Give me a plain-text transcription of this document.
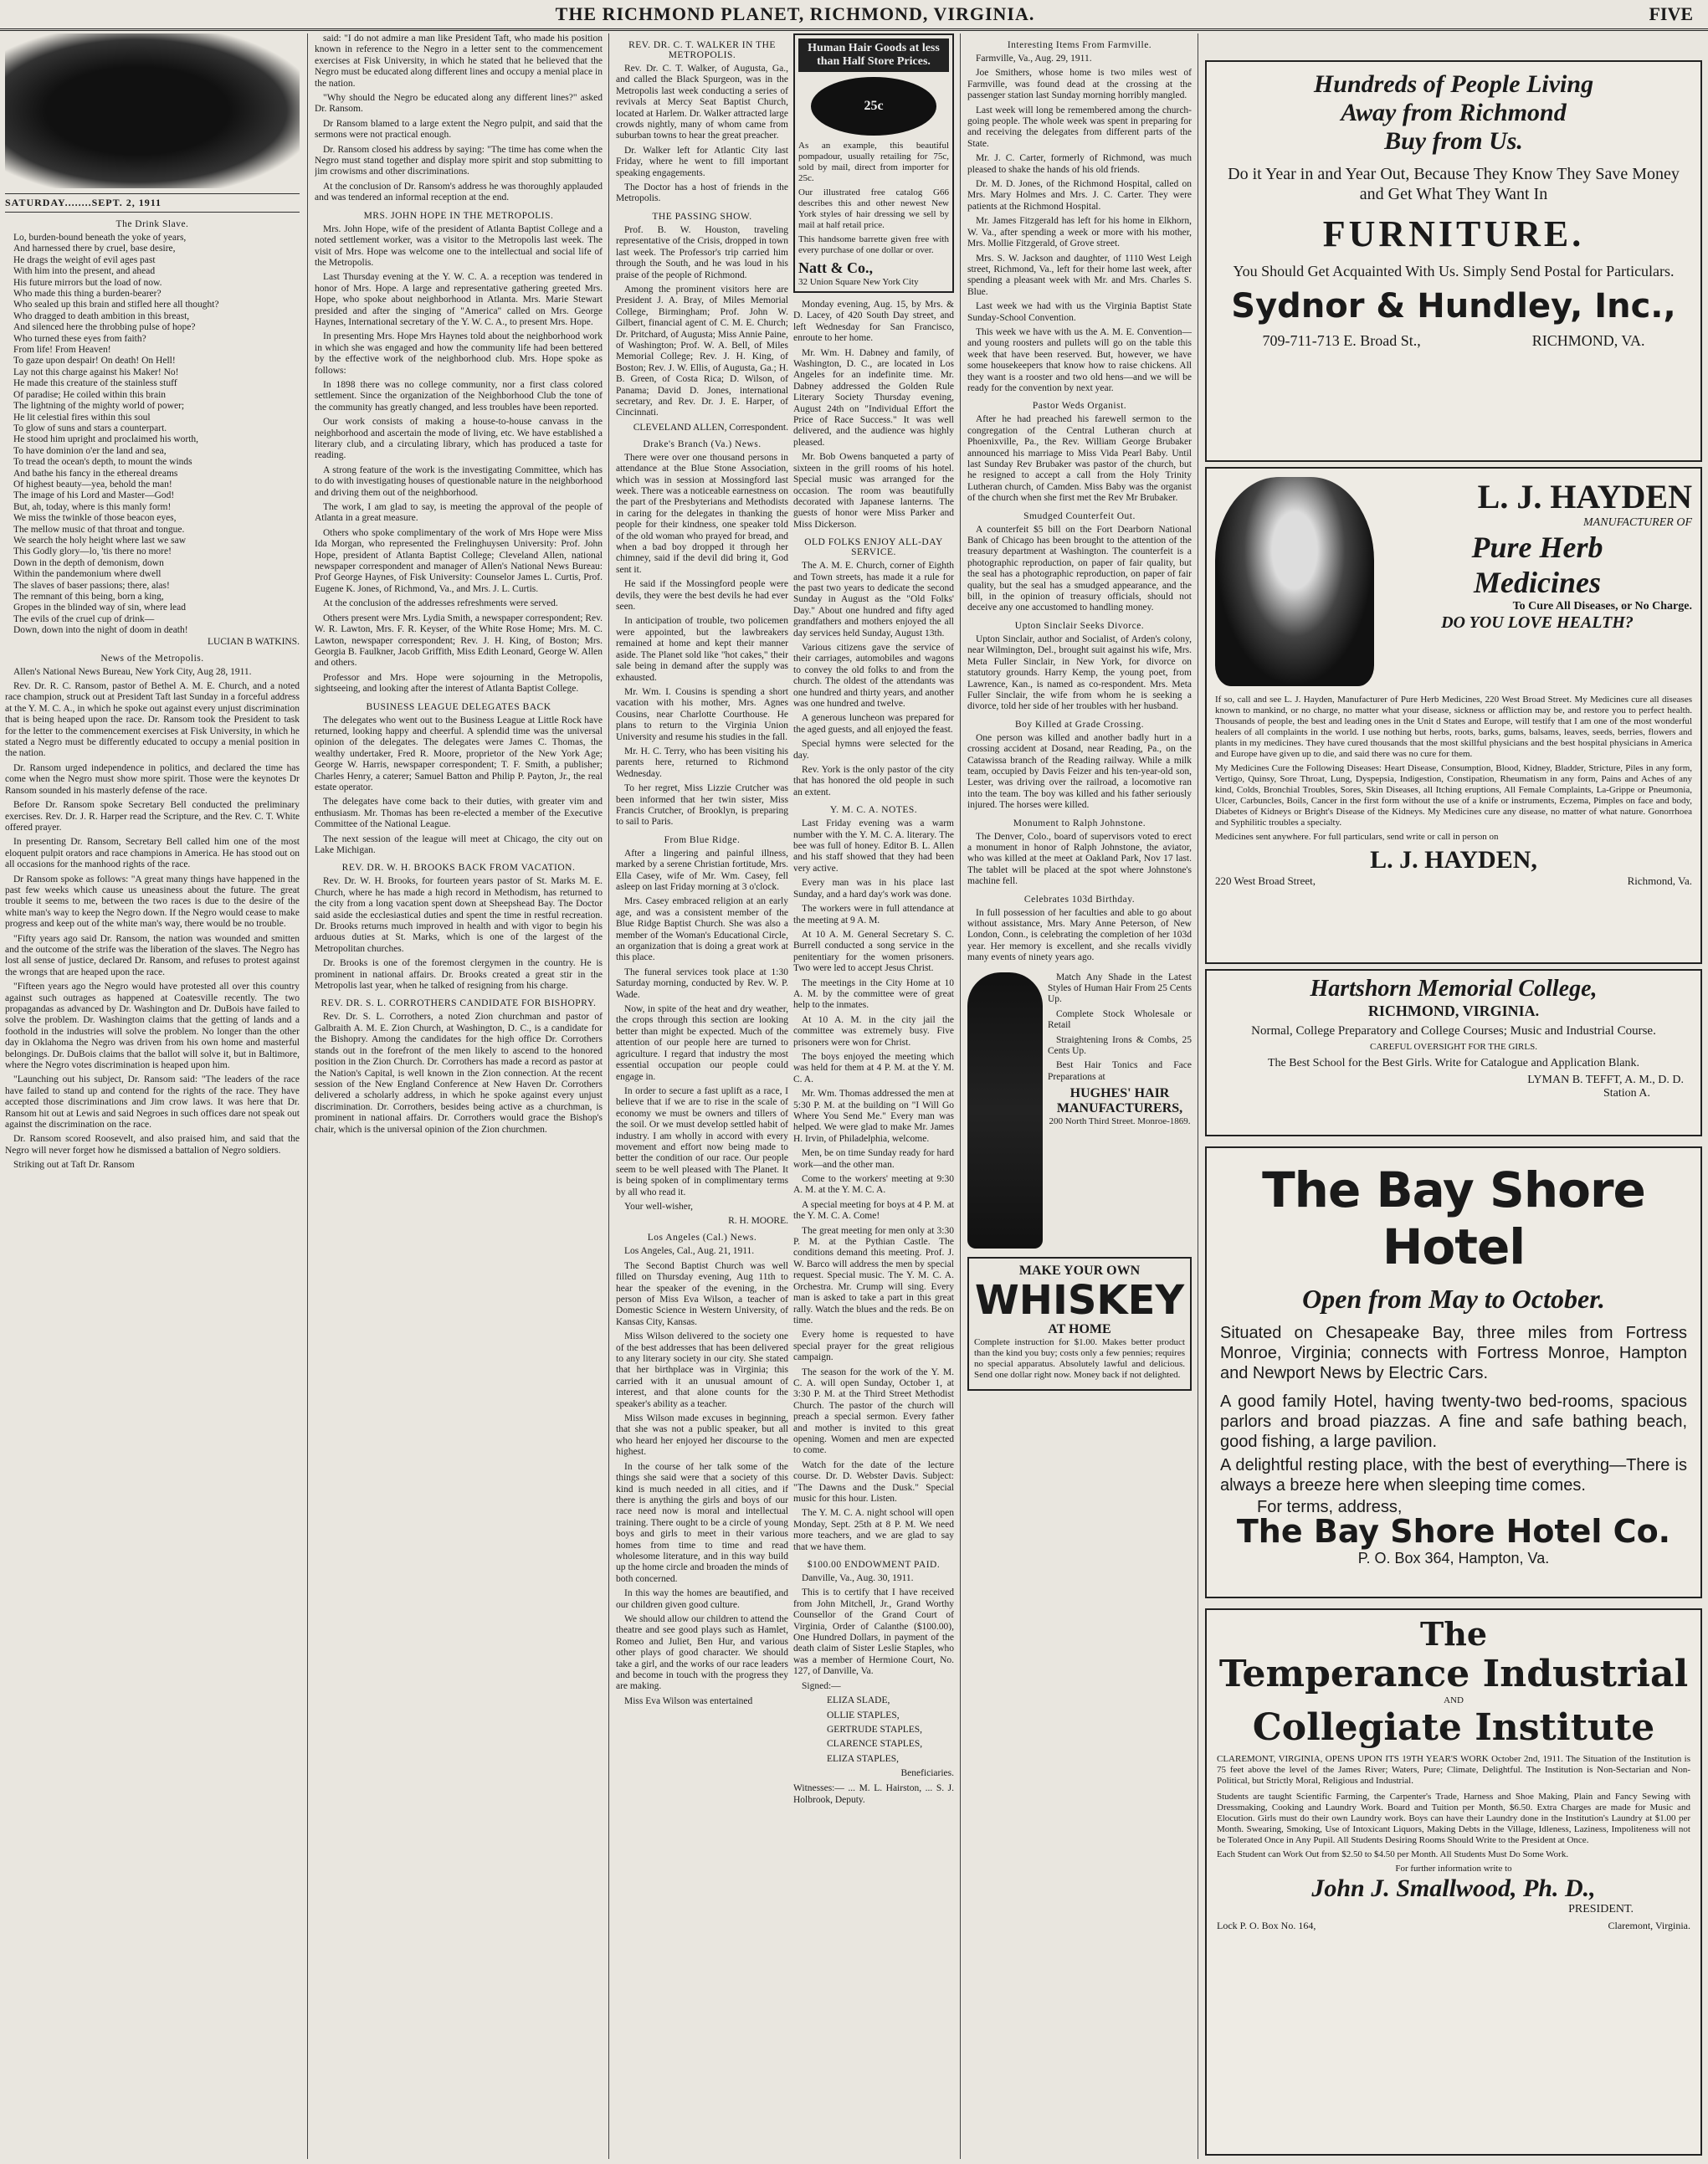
THE RICHMOND PLANET, RICHMOND, VIRGINIA.	FIVE
SATURDAY........SEPT. 2, 1911
The Drink Slave.

Lo, burden-bound beneath the yoke of years,

And harnessed there by cruel, base desire,

He drags the weight of evil ages past

With him into the present, and ahead

His future mirrors but the load of now.

Who made this thing a burden-bearer?

Who sealed up this brain and stifled here all thought?

Who dragged to death ambition in this breast,

And silenced here the throbbing pulse of hope?

Who turned these eyes from faith?

From life! From Heaven!

To gaze upon despair! On death! On Hell!

Lay not this charge against his Maker! No!

He made this creature of the stainless stuff

Of paradise; He coiled within this brain

The lightning of the mighty world of power;

He lit celestial fires within this soul

To glow of suns and stars a counterpart.

He stood him upright and proclaimed his worth,

To have dominion o'er the land and sea,

To tread the ocean's depth, to mount the winds

And bathe his fancy in the ethereal dreams

Of highest beauty—yea, behold the man!

The image of his Lord and Master—God!

But, ah, today, where is this manly form!

We miss the twinkle of those beacon eyes,

The mellow music of that throat and tongue.

We search the holy height where last we saw

This Godly glory—lo, 'tis there no more!

Down in the depth of demonism, down

Within the pandemonium where dwell

The slaves of baser passions; there, alas!

The remnant of this being, born a king,

Gropes in the blinded way of sin, where lead

The evils of the cruel cup of drink—

Down, down into the night of doom in death!

LUCIAN B WATKINS.
News of the Metropolis.

Allen's National News Bureau, New York City, Aug 28, 1911.

Rev. Dr. R. C. Ransom, pastor of Bethel A. M. E. Church, and a noted race champion, struck out at President Taft last Sunday in a forceful address at the Y. M. C. A., in which he spoke out against every unjust discrimination that is being heaped upon the race. Dr. Ransom took the President to task for the letter to the commencement exercises at Fisk University, in which he stated a Negro must be differently educated to occupy a menial position in the nation.

Dr. Ransom urged independence in politics, and declared the time has come when the Negro must show more spirit. Those were the keynotes Dr Ransom sounded in his masterly defense of the race.

Before Dr. Ransom spoke Secretary Bell conducted the preliminary exercises. Rev. Dr. J. R. Harper read the Scripture, and the Rev. C. T. White offered prayer.

In presenting Dr. Ransom, Secretary Bell called him one of the most eloquent pulpit orators and race champions in America. He has stood out on all occasions for the manhood rights of the race.

Dr Ransom spoke as follows: "A great many things have happened in the past few weeks which cause us uneasiness about the future. The great trouble it seems to me, between the two races is due to the desire of the white man's way to keep the Negro down. If the Negro would cease to make progress and keep out of the white man's way, there would be no trouble.

"Fifty years ago said Dr. Ransom, the nation was wounded and smitten and the outcome of the strife was the liberation of the slaves. The Negro has lost all sense of justice, declared Dr. Ransom, and refuses to protest against the wrongs that are heaped upon the race.

"Fifteen years ago the Negro would have protested all over this country against such outrages as happened at Coatesville recently. The two propagandas as advanced by Dr. Washington and Dr. DuBois have failed to solve the problem. Dr. Washington claims that the getting of lands and a foothold in the industries will solve the problem. No longer than the other day in Oklahoma the Negro was driven from his own home and masterful belongings. Dr. DuBois claims that the ballot will solve it, but in Baltimore, where the Negro votes discrimination is heaped upon him.

"Launching out his subject, Dr. Ransom said: "The leaders of the race have failed to stand up and contend for the rights of the race. They have accepted those discriminations and Jim crow laws. It was here that Dr. Ransom hit out at Lewis and said Negroes in such offices dare not speak out against the discrimination on the race.

Dr. Ransom scored Roosevelt, and also praised him, and said that the Negro will never forget how he dismissed a battalion of Negro soldiers.

Striking out at Taft Dr. Ransom

said: "I do not admire a man like President Taft, who made his position known in reference to the Negro in a letter sent to the commencement exercises at Fisk University, in which he stated that he believed that the Negro must be educated along different lines and occupy a menial place in the nation.

"Why should the Negro be educated along any different lines?" asked Dr. Ransom.

Dr Ransom blamed to a large extent the Negro pulpit, and said that the sermons were not practical enough.

Dr. Ransom closed his address by saying: "The time has come when the Negro must stand together and display more spirit and stop submitting to jim crowisms and other discriminations.

At the conclusion of Dr. Ransom's address he was thoroughly applauded and was tendered an informal reception at the end.

MRS. JOHN HOPE IN THE METROPOLIS.

Mrs. John Hope, wife of the president of Atlanta Baptist College and a noted settlement worker, was a visitor to the Metropolis last week. The visit of Mrs. Hope was welcome one to the intellectual and social life of the Metropolis.

Last Thursday evening at the Y. W. C. A. a reception was tendered in honor of Mrs. Hope. A large and representative gathering greeted Mrs. Hope, who spoke about neighborhood in Atlanta. Mrs. Marie Stewart presided and after the singing of "America" called on Mrs. George Haynes, International secretary of the Y. W. C. A., to present Mrs. Hope.

In presenting Mrs. Hope Mrs Haynes told about the neighborhood work in which she was engaged and how the community life had been bettered by the effective work of the neighborhood club. Mrs. Hope spoke as follows:

In 1898 there was no college community, nor a first class colored settlement. Since the organization of the Neighborhood Club the tone of the community has greatly changed, and less troubles have been reported.

Our work consists of making a house-to-house canvass in the neighborhood and ascertain the mode of living, etc. We have established a literary club, and a circulating library, which has produced a taste for reading.

A strong feature of the work is the investigating Committee, which has to do with investigating houses of questionable nature in the neighborhood and driving them out of the neighborhood.

The work, I am glad to say, is meeting the approval of the people of Atlanta in a great measure.

Others who spoke complimentary of the work of Mrs Hope were Miss Ida Morgan, who represented the Frelinghuysen University: Prof. John Hope, president of Atlanta Baptist College; Cleveland Allen, national newspaper correspondent and manager of Allen's National News Bureau: Prof George Haynes, of Fisk University: Counselor James L. Curtis, Prof. Eugene K. Jones, of Richmond, Va., and Mrs. J. L. Curtis.

At the conclusion of the addresses refreshments were served.

Others present were Mrs. Lydia Smith, a newspaper correspondent; Rev. W. R. Lawton, Mrs. F. R. Keyser, of the White Rose Home; Mrs. M. C. Lawton, newspaper correspondent; Rev. J. H. King, of Boston; Mrs. Georgia B. Faulkner, Jacob Griffith, Miss Edith Leonard, George W. Allen and others.

Professor and Mrs. Hope were sojourning in the Metropolis, sightseeing, and looking after the interest of Atlanta Baptist College.

BUSINESS LEAGUE DELEGATES BACK

The delegates who went out to the Business League at Little Rock have returned, looking happy and cheerful. A splendid time was the universal opinion of the delegates. The delegates were James C. Thomas, the wealthy undertaker, Fred R. Moore, proprietor of the New York Age; George W. Harris, newspaper correspondent; T. F. Smith, a publisher; Charles Henry, a caterer; Samuel Batton and Philip P. Payton, Jr., the real estate operator.

The delegates have come back to their duties, with greater vim and enthusiasm. Mr. Thomas has been re-elected a member of the Executive Committee of the National League.

The next session of the league will meet at Chicago, the city out on Lake Michigan.

REV. DR. W. H. BROOKS BACK FROM VACATION.

Rev. Dr. W. H. Brooks, for fourteen years pastor of St. Marks M. E. Church, where he has made a high record in Methodism, has returned to the city from a long vacation spent down at Sheepshead Bay. The Doctor said aside the ecclesiastical duties and spent the time in restful recreation. Dr. Brooks returns much improved in health and with vigor to begin his arduous duties at St. Marks, which is one of the largest of the Metropolitan churches.

Dr. Brooks is one of the foremost clergymen in the country. He is prominent in national affairs. Dr. Brooks created a great stir in the Metropolis last year, when he talked of resigning from his charge.

REV. DR. S. L. CORROTHERS CANDIDATE FOR BISHOPRY.

Rev. Dr. S. L. Corrothers, a noted Zion churchman and pastor of Galbraith A. M. E. Zion Church, at Washington, D. C., is a candidate for the Bishopry. Among the candidates for the high office Dr. Corrothers stands out in the forefront of the men likely to ascend to the honored position in the Zion Church. Dr. Corrothers has made a record as pastor at the Nation's Capital, is well known in the Zion connection. At the recent session of the New England Conference at New Haven Dr. Corrothers delivered a scholarly address, in which he spoke against every unjust discrimination. Dr. Corrothers, besides being active as a churchman, is prominent in national affairs. Dr. Corrothers would grace the Bishop's chair, which is the universal opinion of the Zion churchmen.

REV. DR. C. T. WALKER IN THE METROPOLIS.

Rev. Dr. C. T. Walker, of Augusta, Ga., and called the Black Spurgeon, was in the Metropolis last week conducting a series of revivals at Mercy Seat Baptist Church, located at Harlem. Dr. Walker attracted large crowds nightly, many of whom came from suburban towns to hear the great preacher.

Dr. Walker left for Atlantic City last Friday, where he went to fill important speaking engagements.

The Doctor has a host of friends in the Metropolis.

THE PASSING SHOW.

Prof. B. W. Houston, traveling representative of the Crisis, dropped in town last week. The Professor's trip carried him through the South, and he was loud in his praise of the people of Richmond.

Among the prominent visitors here are President J. A. Bray, of Miles Memorial College, Birmingham; Prof. John W. Gilbert, financial agent of C. M. E. Church; Dr. Pritchard, of Augusta; Miss Annie Paine, of Washington; Prof. W. A. Bell, of Miles Memorial College; Rev. J. H. King, of Boston; Rev. J. W. Ellis, of Augusta, Ga.; H. B. Green, of Costa Rica; D. Wilson, of Panama; David D. Jones, international secretary, and Rev. Dr. J. E. Harper, of Cincinnati.

CLEVELAND ALLEN, Correspondent.
Drake's Branch (Va.) News.

There were over one thousand persons in attendance at the Blue Stone Association, which was in session at Mossingford last week. There was a noticeable earnestness on the part of the Presbyterians and Methodists in caring for the delegates in thanking the people for their kindness, one speaker told of the old woman who prayed for bread, and when a bad boy dropped it through her chimney, said if the devil did bring it, God sent it.

He said if the Mossingford people were devils, they were the best devils he had ever seen.

In anticipation of trouble, two policemen were appointed, but the lawbreakers remained at home and kept their manner aside. The Planet sold like "hot cakes," their sale being in demand after the supply was exhausted.

Mr. Wm. I. Cousins is spending a short vacation with his mother, Mrs. Agnes Cousins, near Charlotte Courthouse. He plans to return to the Virginia Union University and resume his studies in the fall.

Mr. H. C. Terry, who has been visiting his parents here, returned to Richmond Wednesday.

To her regret, Miss Lizzie Crutcher was been informed that her twin sister, Miss Francis Crutcher, of Brooklyn, is preparing to sail to Paris.

From Blue Ridge.

After a lingering and painful illness, marked by a serene Christian fortitude, Mrs. Ella Casey, wife of Mr. Wm. Casey, fell asleep on last Friday morning at 3 o'clock.

Mrs. Casey embraced religion at an early age, and was a consistent member of the Blue Ridge Baptist Church. She was also a member of the Woman's Educational Circle, an organization that is doing a great work at this place.

The funeral services took place at 1:30 Saturday morning, conducted by Rev. W. P. Wade.

Now, in spite of the heat and dry weather, the crops through this section are looking better than might be expected. Much of the attention of our people here are turned to agriculture. I regard that industry the most essential occupation our people could engage in.

In order to secure a fast uplift as a race, I believe that if we are to rise in the scale of economy we must be owners and tillers of the soil. Or we must develop settled habit of industry. I am wholly in accord with every movement and effort now being made to better the condition of our race. Our people seem to be well pleased with The Planet. It is being spoken of in complimentary terms by all who read it.

Your well-wisher,

R. H. MOORE.
Los Angeles (Cal.) News.

Los Angeles, Cal., Aug. 21, 1911.

The Second Baptist Church was well filled on Thursday evening, Aug 11th to hear the speaker of the evening, in the person of Miss Eva Wilson, a teacher of Domestic Science in Western University, of Kansas City, Kansas.

Miss Wilson delivered to the society one of the best addresses that has been delivered to any literary society in our city. She stated that her birthplace was in Virginia; this carried with it an unusual amount of interest, and that alone counts for the speaker's ability as a teacher.

Miss Wilson made excuses in beginning, that she was not a public speaker, but all who heard her enjoyed her discourse to the highest.

In the course of her talk some of the things she said were that a society of this kind is much needed in all cities, and if there is anything the girls and boys of our race need now is moral and intellectual training. There ought to be a circle of young boys and girls to meet in their various homes from time to time and read wholesome literature, and in this way build up the home circle and broaden the minds of both concerned.

In this way the homes are beautified, and our children given good culture.

We should allow our children to attend the theatre and see good plays such as Hamlet, Romeo and Juliet, Ben Hur, and various other plays of good character. We should take a girl, and the works of our race leaders and become in touch with the progress they are making.

Miss Eva Wilson was entertained

Human Hair Goods at less than Half Store Prices.
25c

As an example, this beautiful pompadour, usually retailing for 75c, sold by mail, direct from importer for 25c.

Our illustrated free catalog G66 describes this and other newest New York styles of hair dressing we sell by mail at half retail price.

This handsome barrette given free with every purchase of one dollar or over.

Natt & Co.,
32 Union Square New York City

Monday evening, Aug. 15, by Mrs. & D. Lacey, of 420 South Day street, and left Wednesday for San Francisco, enroute to her home.

Mr. Wm. H. Dabney and family, of Washington, D. C., are located in Los Angeles for an indefinite time. Mr. Dabney addressed the Golden Rule Literary Society Thursday evening, August 24th on "Individual Effort the Price of Race Success." It was well delivered, and the audience was highly pleased.

Mr. Bob Owens banqueted a party of sixteen in the grill rooms of his hotel. Special music was arranged for the occasion. The room was beautifully decorated with Japanese lanterns. The guests of honor were Miss Parker and Miss Dickerson.

OLD FOLKS ENJOY ALL-DAY SERVICE.

The A. M. E. Church, corner of Eighth and Town streets, has made it a rule for the past two years to dedicate the second Sunday in August as the "Old Folks' Day." About one hundred and fifty aged grandfathers and mothers enjoyed the all day services held Sunday, August 13th.

Various citizens gave the service of their carriages, automobiles and wagons to convey the old folks to and from the church. The oldest of the attendants was one hundred and thirty years, and another was one hundred and twelve.

A generous luncheon was prepared for the aged guests, and all enjoyed the feast.

Special hymns were selected for the day.

Rev. York is the only pastor of the city that has honored the old people in such an extent.

Y. M. C. A. NOTES.

Last Friday evening was a warm number with the Y. M. C. A. literary. The bee was full of honey. Editor B. L. Allen and his staff showed that they had been very active.

Every man was in his place last Sunday, and a hard day's work was done.

The workers were in full attendance at the meeting at 9 A. M.

At 10 A. M. General Secretary S. C. Burrell conducted a song service in the penitentiary for the women prisoners. Two were led to accept Jesus Christ.

The meetings in the City Home at 10 A. M. by the committee were of great help to the inmates.

At 10 A. M. in the city jail the committee was extremely busy. Five prisoners were won for Christ.

The boys enjoyed the meeting which was held for them at 4 P. M. at the Y. M. C. A.

Mr. Wm. Thomas addressed the men at 5:30 P. M. at the building on "I Will Go Where You Send Me." Every man was helped. We were glad to make Mr. James H. Irvin, of Philadelphia, welcome.

Men, be on time Sunday ready for hard work—and the other man.

Come to the workers' meeting at 9:30 A. M. at the Y. M. C. A.

A special meeting for boys at 4 P. M. at the Y. M. C. A. Come!

The great meeting for men only at 3:30 P. M. at the Pythian Castle. The conditions demand this meeting. Prof. J. W. Barco will address the men by special request. Special music. The Y. M. C. A. Orchestra. Mr. Crump will sing. Every man is asked to take a part in this great rally. Watch the blues and the reds. Be on time.

Every home is requested to have special prayer for the great religious campaign.

The season for the work of the Y. M. C. A. will open Sunday, October 1, at 3:30 P. M. at the Third Street Methodist Church. The pastor of the church will preach a special sermon. Every father and mother is invited to this great opening. Women and men are expected to come.

Watch for the date of the lecture course. Dr. D. Webster Davis. Subject: "The Dawns and the Dusk." Special music for this hour. Listen.

The Y. M. C. A. night school will open Monday, Sept. 25th at 8 P. M. We need more teachers, and we are glad to say that we have them.

$100.00 ENDOWMENT PAID.

Danville, Va., Aug. 30, 1911.

This is to certify that I have received from John Mitchell, Jr., Grand Worthy Counsellor of the Grand Court of Virginia, Order of Calanthe ($100.00), One Hundred Dollars, in payment of the death claim of Sister Leslie Staples, who was a member of Hermione Court, No. 127, of Danville, Va.

Signed:—

ELIZA SLADE,

OLLIE STAPLES,

GERTRUDE STAPLES,

CLARENCE STAPLES,

ELIZA STAPLES,

Beneficiaries.

Witnesses:— ... M. L. Hairston, ... S. J. Holbrook, Deputy.

Interesting Items From Farmville.

Farmville, Va., Aug. 29, 1911.

Joe Smithers, whose home is two miles west of Farmville, was found dead at the crossing at the passenger station last Sunday morning horribly mangled.

Last week will long be remembered among the church-going people. The whole week was spent in preparing for and receiving the delegates from different parts of the State.

Mr. J. C. Carter, formerly of Richmond, was much pleased to shake the hands of his old friends.

Dr. M. D. Jones, of the Richmond Hospital, called on Mrs. Mary Holmes and Mrs. J. C. Carter. They were patients at the Richmond Hospital.

Mr. James Fitzgerald has left for his home in Elkhorn, W. Va., after spending a week or more with his mother, Mrs. Mollie Fitzgerald, of Grove street.

Mrs. S. W. Jackson and daughter, of 1110 West Leigh street, Richmond, Va., left for their home last week, after spending a pleasant week with Mr. and Mrs. Charles S. Blue.

Last week we had with us the Virginia Baptist State Sunday-School Convention.

This week we have with us the A. M. E. Convention—and young roosters and pullets will go on the table this week that have been reserved. But, however, we have some housekeepers that know how to raise chickens. All they want is a rooster and two old hens—and we will be ready for the convention by next year.

Pastor Weds Organist.

After he had preached his farewell sermon to the congregation of the Central Lutheran church at Phoenixville, Pa., the Rev. William George Brubaker announced his marriage to Miss Vida Pearl Baby. Until last Sunday Rev Brubaker was pastor of the church, but he resigned to accept a call from the Holy Trinity Lutheran church, of Camden. Miss Baby was the organist of the church when she first met the Rev Mr Brubaker.

Smudged Counterfeit Out.

A counterfeit $5 bill on the Fort Dearborn National Bank of Chicago has been brought to the attention of the treasury department at Washington. The counterfeit is a photographic reproduction, on paper of fair quality, but the seal has a photographic reproduction, on paper of fair quality, but the seal has a smudged appearance, and the bill, in the opinion of treasury officials, should not deceive any one accustomed to handling money.

Upton Sinclair Seeks Divorce.

Upton Sinclair, author and Socialist, of Arden's colony, near Wilmington, Del., brought suit against his wife, Mrs. Meta Fuller Sinclair, in New York, for divorce on statutory grounds. Harry Kemp, the young poet, from Lawrence, Kan., is named as co-respondent. Mrs. Meta Fuller Sinclair, the wife from whom he is seeking a divorce, told her side of her troubles with her husband.

Boy Killed at Grade Crossing.

One person was killed and another badly hurt in a crossing accident at Dosand, near Reading, Pa., on the Catawissa branch of the Reading railway. While a milk team, occupied by Davis Feizer and his ten-year-old son, Lester, was driving over the railroad, a locomotive ran into the team. The boy was killed and his father seriously injured. The horses were killed.

Monument to Ralph Johnstone.

The Denver, Colo., board of supervisors voted to erect a monument in honor of Ralph Johnstone, the aviator, who was killed at the meet at Oakland Park, Nov 17 last. The tablet will be placed at the spot where Johnstone's machine fell.

Celebrates 103d Birthday.

In full possession of her faculties and able to go about without assistance, Mrs. Mary Anne Peterson, of New London, Conn., is celebrating the completion of her 103d year. Her memory is excellent, and she recalls vividly many events of ninety years ago.

Match Any Shade in the Latest Styles of Human Hair From 25 Cents Up.

Complete Stock Wholesale or Retail

Straightening Irons & Combs, 25 Cents Up.

Best Hair Tonics and Face Preparations at

HUGHES' HAIR MANUFACTURERS,
200 North Third Street. Monroe-1869.
MAKE YOUR OWN
WHISKEY
AT HOME

Complete instruction for $1.00. Makes better product than the kind you buy; costs only a few pennies; requires no special apparatus. Absolutely lawful and delicious. Send one dollar right now. Money back if not delighted.

Hundreds of People Living
Away from Richmond
Buy from Us.

Do it Year in and Year Out, Because They Know They Save Money and Get What They Want In

FURNITURE.

You Should Get Acquainted With Us. Simply Send Postal for Particulars.

Sydnor & Hundley, Inc.,
709-711-713 E. Broad St.,	RICHMOND, VA.
L. J. HAYDEN
MANUFACTURER OF
Pure Herb
Medicines
To Cure All Diseases, or No Charge.
DO YOU LOVE HEALTH?

If so, call and see L. J. Hayden, Manufacturer of Pure Herb Medicines, 220 West Broad Street. My Medicines cure all diseases known to mankind, or no charge, no matter what your disease, sickness or affliction may be, and restore you to perfect health. Thousands of people, the best and leading ones in the Unit d States and Europe, will testify that I am one of the most wonderful healers of all complaints in the world. I use nothing but herbs, roots, barks, gums, balsams, leaves, seeds, berries, flowers and plants in my medicines. They have cured thousands that the most skillful physicians and the best hospital physicians in America and Europe have given up to die, and said there was no cure for them.

My Medicines Cure the Following Diseases: Heart Disease, Consumption, Blood, Kidney, Bladder, Stricture, Piles in any form, Vertigo, Quinsy, Sore Throat, Lung, Dyspepsia, Indigestion, Constipation, Rheumatism in any form, Pains and Aches of any kind, Colds, Bronchial Troubles, Sores, Skin Diseases, all Itching eruptions, All Female Complaints, La-Grippe or Pneumonia, Ulcer, Carbuncles, Boils, Cancer in the first form without the use of a knife or instruments, Eczema, Pimples on face and body, Diabetes of Kidneys or Bright's Disease of the Kidneys. My Medicines cure any disease, no matter of what nature. Gonorrhoea and Syphilitic troubles a specialty.

Medicines sent anywhere. For full particulars, send write or call in person on

L. J. HAYDEN,
220 West Broad Street,	Richmond, Va.
Hartshorn Memorial College,
RICHMOND, VIRGINIA.

Normal, College Preparatory and College Courses; Music and Industrial Course.

CAREFUL OVERSIGHT FOR THE GIRLS.

The Best School for the Best Girls. Write for Catalogue and Application Blank.

LYMAN B. TEFFT, A. M., D. D.
Station A.
The Bay Shore Hotel
Open from May to October.

Situated on Chesapeake Bay, three miles from Fortress Monroe, Virginia; connects with Fortress Monroe, Hampton and Newport News by Electric Cars.

A good family Hotel, having twenty-two bed-rooms, spacious parlors and broad piazzas. A fine and safe bathing beach, good fishing, a large pavilion.

A delightful resting place, with the best of everything—There is always a breeze here when sleeping time comes.

For terms, address,

The Bay Shore Hotel Co.
P. O. Box 364, Hampton, Va.
The
Temperance Industrial
AND
Collegiate Institute

CLAREMONT, VIRGINIA, OPENS UPON ITS 19TH YEAR'S WORK October 2nd, 1911. The Situation of the Institution is 75 feet above the level of the James River; Waters, Pure; Climate, Delightful. The Institution is Non-Sectarian and Non-Political, but Strictly Moral, Religious and Industrial.

Students are taught Scientific Farming, the Carpenter's Trade, Harness and Shoe Making, Plain and Fancy Sewing with Dressmaking, Cooking and Laundry Work. Board and Tuition per Month, $6.50. Extra Charges are made for Music and Elocution. Girls must do their own Laundry work. Boys can have their Laundry done in the Institution's Laundry at $1.00 per Month. Swearing, Smoking, Use of Intoxicant Liquors, Making Debts in the Village, Idleness, Laziness, Impoliteness will not be Tolerated Once in Any Pupil. All Students Desiring Rooms Should Write to the President at Once.

Each Student can Work Out from $2.50 to $4.50 per Month. All Students Must Do Some Work.

For further information write to
John J. Smallwood, Ph. D.,
PRESIDENT.
Lock P. O. Box No. 164,	Claremont, Virginia.
